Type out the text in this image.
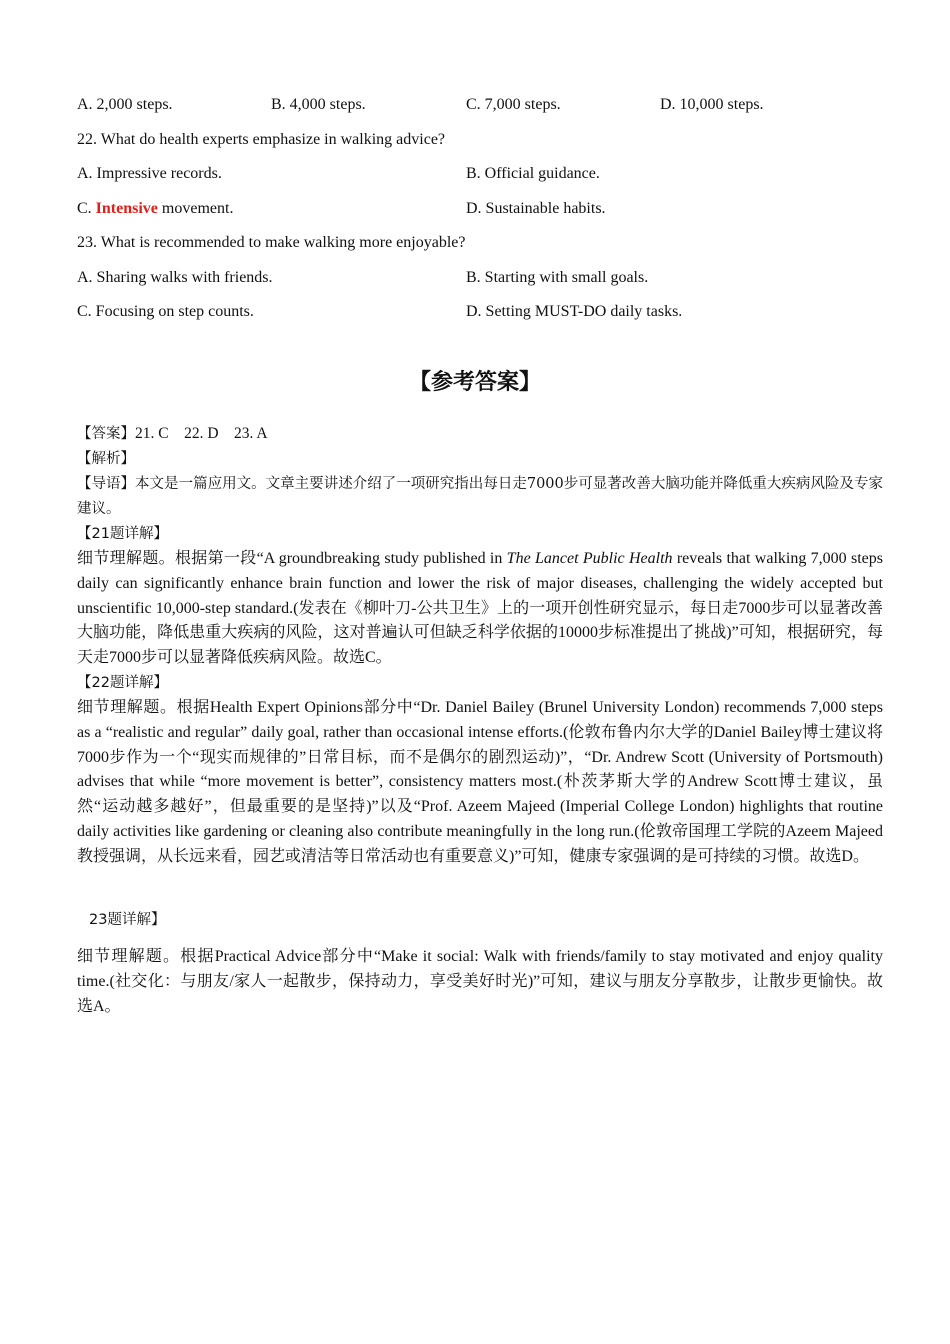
A. 2,000 steps.	B. 4,000 steps.	C. 7,000 steps.	D. 10,000 steps.
22. What do health experts emphasize in walking advice?
A. Impressive records.	B. Official guidance.
C. Intensive movement.	D. Sustainable habits.
23. What is recommended to make walking more enjoyable?
A. Sharing walks with friends.	B. Starting with small goals.
C. Focusing on step counts.	D. Setting MUST-DO daily tasks.
【参考答案】
【答案】21. C    22. D    23. A
【解析】
【导语】本文是一篇应用文。文章主要讲述介绍了一项研究指出每日走7000步可显著改善大脑功能并降低重大疾病风险及专家建议。
【21题详解】
细节理解题。根据第一段“A groundbreaking study published in The Lancet Public Health reveals that walking 7,000 steps daily can significantly enhance brain function and lower the risk of major diseases, challenging the widely accepted but unscientific 10,000-step standard.(发表在《柳叶刀-公共卫生》上的一项开创性研究显示，每日走7000步可以显著改善大脑功能，降低患重大疾病的风险，这对普遍认可但缺乏科学依据的10000步标准提出了挑战)”可知，根据研究，每天走7000步可以显著降低疾病风险。故选C。
【22题详解】
细节理解题。根据Health Expert Opinions部分中“Dr. Daniel Bailey (Brunel University London) recommends 7,000 steps as a “realistic and regular” daily goal, rather than occasional intense efforts.(伦敦布鲁内尔大学的Daniel Bailey博士建议将7000步作为一个“现实而规律的”日常目标，而不是偶尔的剧烈运动)”，“Dr. Andrew Scott (University of Portsmouth) advises that while “more movement is better”, consistency matters most.(朴茨茅斯大学的Andrew Scott博士建议，虽然“运动越多越好”，但最重要的是坚持)”以及“Prof. Azeem Majeed (Imperial College London) highlights that routine daily activities like gardening or cleaning also contribute meaningfully in the long run.(伦敦帝国理工学院的Azeem Majeed教授强调，从长远来看，园艺或清洁等日常活动也有重要意义)”可知，健康专家强调的是可持续的习惯。故选D。
23题详解】
细节理解题。根据Practical Advice部分中“Make it social: Walk with friends/family to stay motivated and enjoy quality time.(社交化：与朋友/家人一起散步，保持动力，享受美好时光)”可知，建议与朋友分享散步，让散步更愉快。故选A。
